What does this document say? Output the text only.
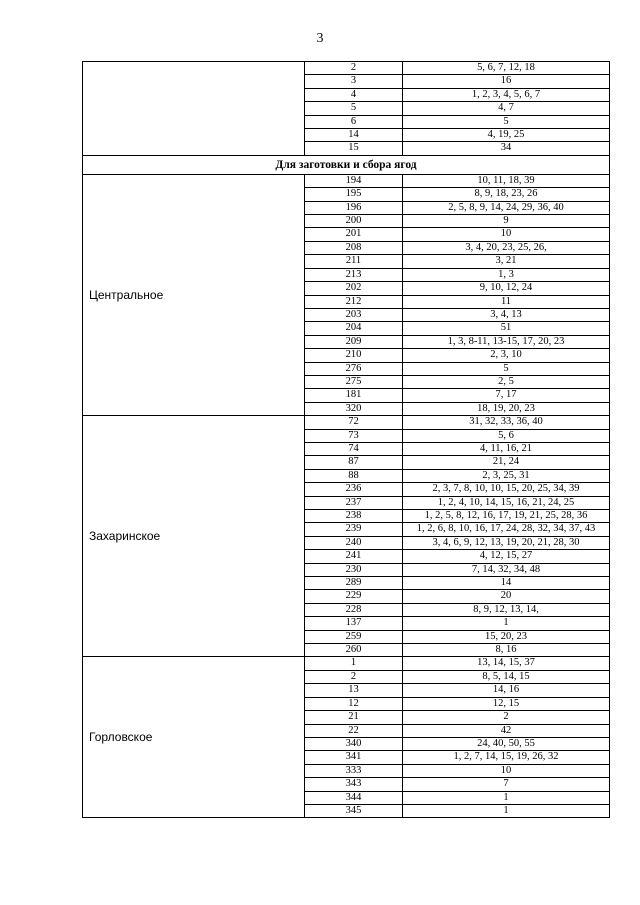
3
	2	5, 6, 7, 12, 18
	3	16
	4	1, 2, 3, 4, 5, 6, 7
	5	4, 7
	6	5
	14	4, 19, 25
	15	34
Для заготовки и сбора ягод		
Центральное	194	10, 11, 18, 39
	195	8, 9, 18, 23, 26
	196	2, 5, 8, 9, 14, 24, 29, 36, 40
	200	9
	201	10
	208	3, 4, 20, 23, 25, 26,
	211	3, 21
	213	1, 3
	202	9, 10, 12, 24
	212	11
	203	3, 4, 13
	204	51
	209	1, 3, 8-11, 13-15, 17, 20, 23
	210	2, 3, 10
	276	5
	275	2, 5
	181	7, 17
	320	18, 19, 20, 23
Захаринское	72	31, 32, 33, 36, 40
	73	5, 6
	74	4, 11, 16, 21
	87	21, 24
	88	2, 3, 25, 31
	236	2, 3, 7, 8, 10, 10, 15, 20, 25, 34, 39
	237	1, 2, 4, 10, 14, 15, 16, 21, 24, 25
	238	1, 2, 5, 8, 12, 16, 17, 19, 21, 25, 28, 36
	239	1, 2, 6, 8, 10, 16, 17, 24, 28, 32, 34, 37, 43
	240	3, 4, 6, 9, 12, 13, 19, 20, 21, 28, 30
	241	4, 12, 15, 27
	230	7, 14, 32, 34, 48
	289	14
	229	20
	228	8, 9, 12, 13, 14,
	137	1
	259	15, 20, 23
	260	8, 16
Горловское	1	13, 14, 15, 37
	2	8, 5, 14, 15
	13	14, 16
	12	12, 15
	21	2
	22	42
	340	24, 40, 50, 55
	341	1, 2, 7, 14, 15, 19, 26, 32
	333	10
	343	7
	344	1
	345	1
